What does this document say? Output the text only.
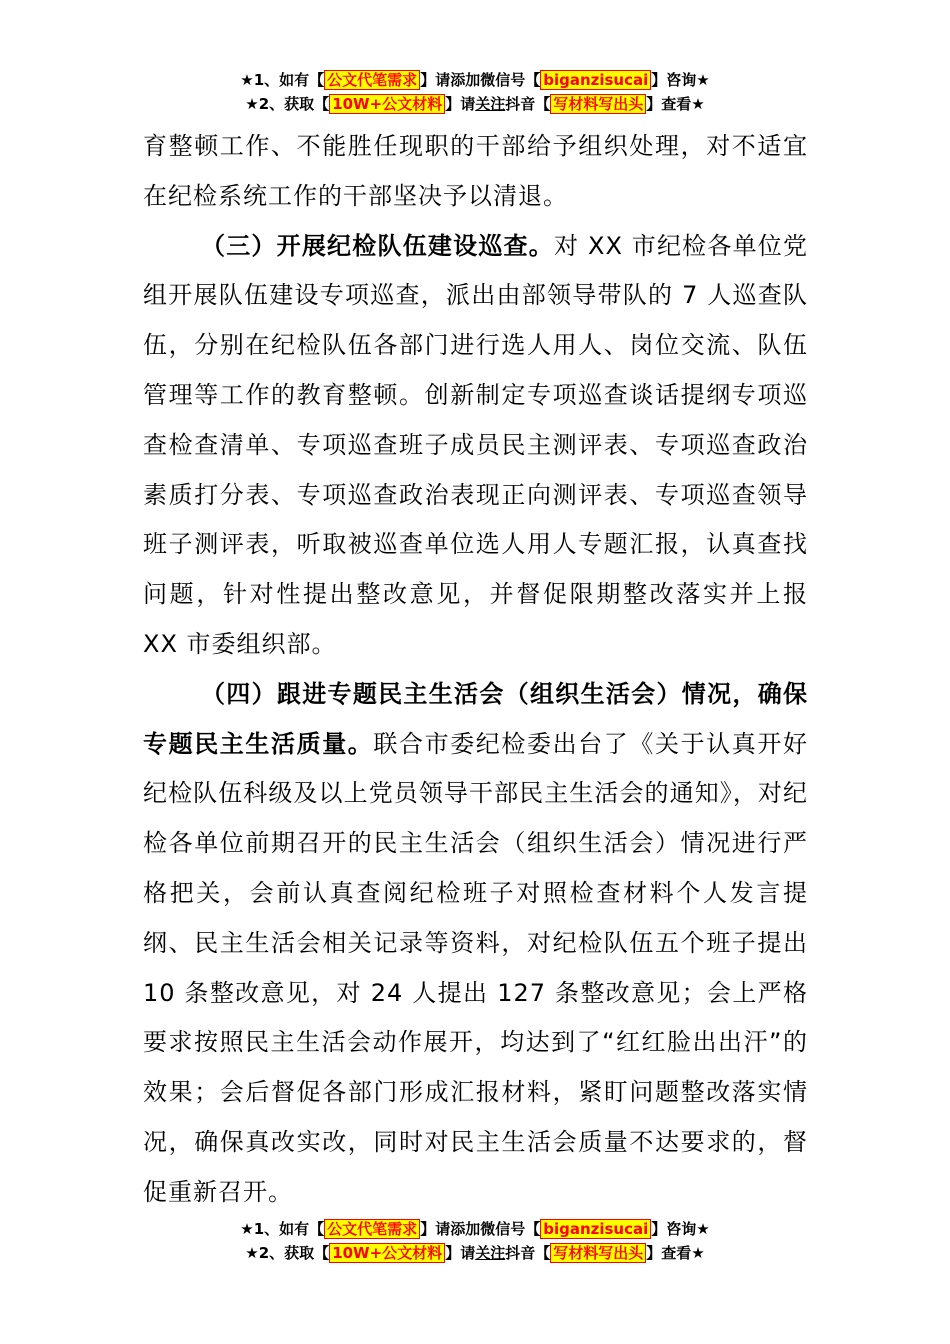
★1、如有【 公文代笔需求 】请添加微信号【 biganzisucai 】咨询★
★2、获取【 10W+公文材料 】请关注抖音【 写材料写出头 】查看★

育整顿工作、不能胜任现职的干部给予组织处理，对不适宜在纪检系统工作的干部坚决予以清退。

（三）开展纪检队伍建设巡查。对 XX 市纪检各单位党组开展队伍建设专项巡查，派出由部领导带队的 7 人巡查队伍，分别在纪检队伍各部门进行选人用人、岗位交流、队伍管理等工作的教育整顿。创新制定专项巡查谈话提纲专项巡查检查清单、专项巡查班子成员民主测评表、专项巡查政治素质打分表、专项巡查政治表现正向测评表、专项巡查领导班子测评表，听取被巡查单位选人用人专题汇报，认真查找问题，针对性提出整改意见，并督促限期整改落实并上报 XX 市委组织部。

（四）跟进专题民主生活会（组织生活会）情况，确保专题民主生活质量。联合市委纪检委出台了《关于认真开好纪检队伍科级及以上党员领导干部民主生活会的通知》，对纪检各单位前期召开的民主生活会（组织生活会）情况进行严格把关，会前认真查阅纪检班子对照检查材料个人发言提纲、民主生活会相关记录等资料，对纪检队伍五个班子提出 10 条整改意见，对 24 人提出 127 条整改意见；会上严格要求按照民主生活会动作展开，均达到了“红红脸出出汗”的效果；会后督促各部门形成汇报材料，紧盯问题整改落实情况，确保真改实改，同时对民主生活会质量不达要求的，督促重新召开。

★1、如有【 公文代笔需求 】请添加微信号【 biganzisucai 】咨询★
★2、获取【 10W+公文材料 】请关注抖音【 写材料写出头 】查看★
